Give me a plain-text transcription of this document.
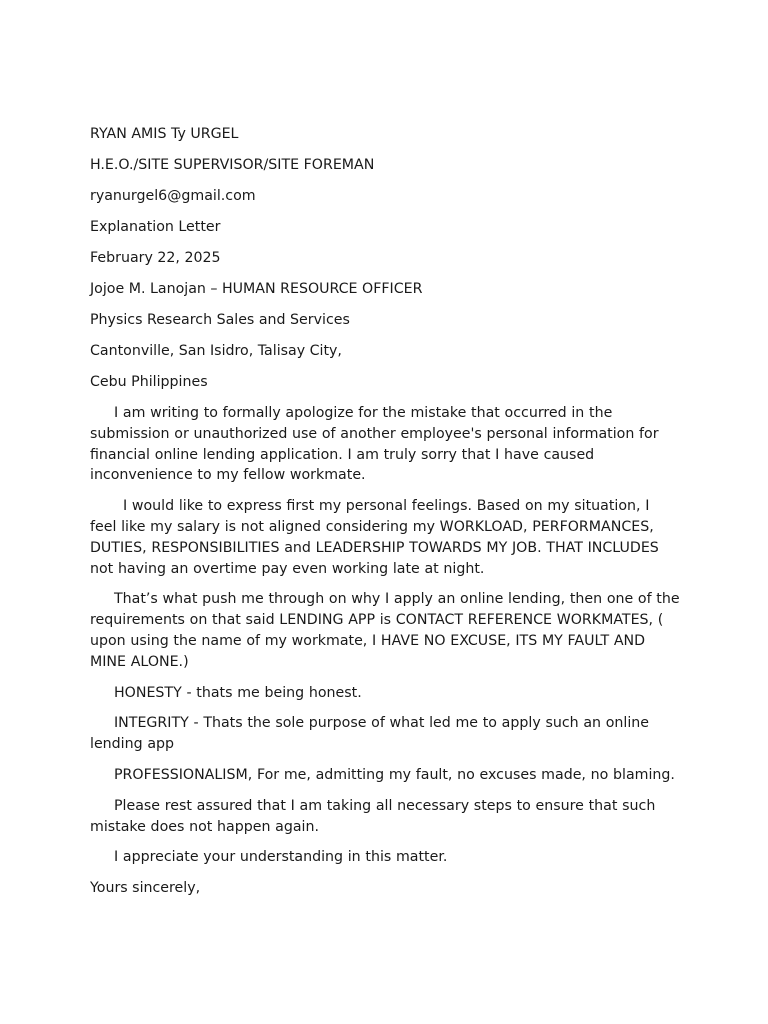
RYAN AMIS Ty URGEL

H.E.O./SITE SUPERVISOR/SITE FOREMAN

ryanurgel6@gmail.com

Explanation Letter

February 22, 2025

Jojoe M. Lanojan – HUMAN RESOURCE OFFICER

Physics Research Sales and Services

Cantonville, San Isidro, Talisay City,

Cebu Philippines

I am writing to formally apologize for the mistake that occurred in the submission or unauthorized use of another employee's personal information for financial online lending application. I am truly sorry that I have caused inconvenience to my fellow workmate.

I would like to express first my personal feelings. Based on my situation, I feel like my salary is not aligned considering my WORKLOAD, PERFORMANCES, DUTIES, RESPONSIBILITIES and LEADERSHIP TOWARDS MY JOB. THAT INCLUDES not having an overtime pay even working late at night.

That’s what push me through on why I apply an online lending, then one of the requirements on that said LENDING APP is CONTACT REFERENCE WORKMATES, ( upon using the name of my workmate, I HAVE NO EXCUSE, ITS MY FAULT AND MINE ALONE.)

HONESTY - thats me being honest.

INTEGRITY - Thats the sole purpose of what led me to apply such an online lending app

PROFESSIONALISM, For me, admitting my fault, no excuses made, no blaming.

Please rest assured that I am taking all necessary steps to ensure that such mistake does not happen again.

I appreciate your understanding in this matter.

Yours sincerely,
